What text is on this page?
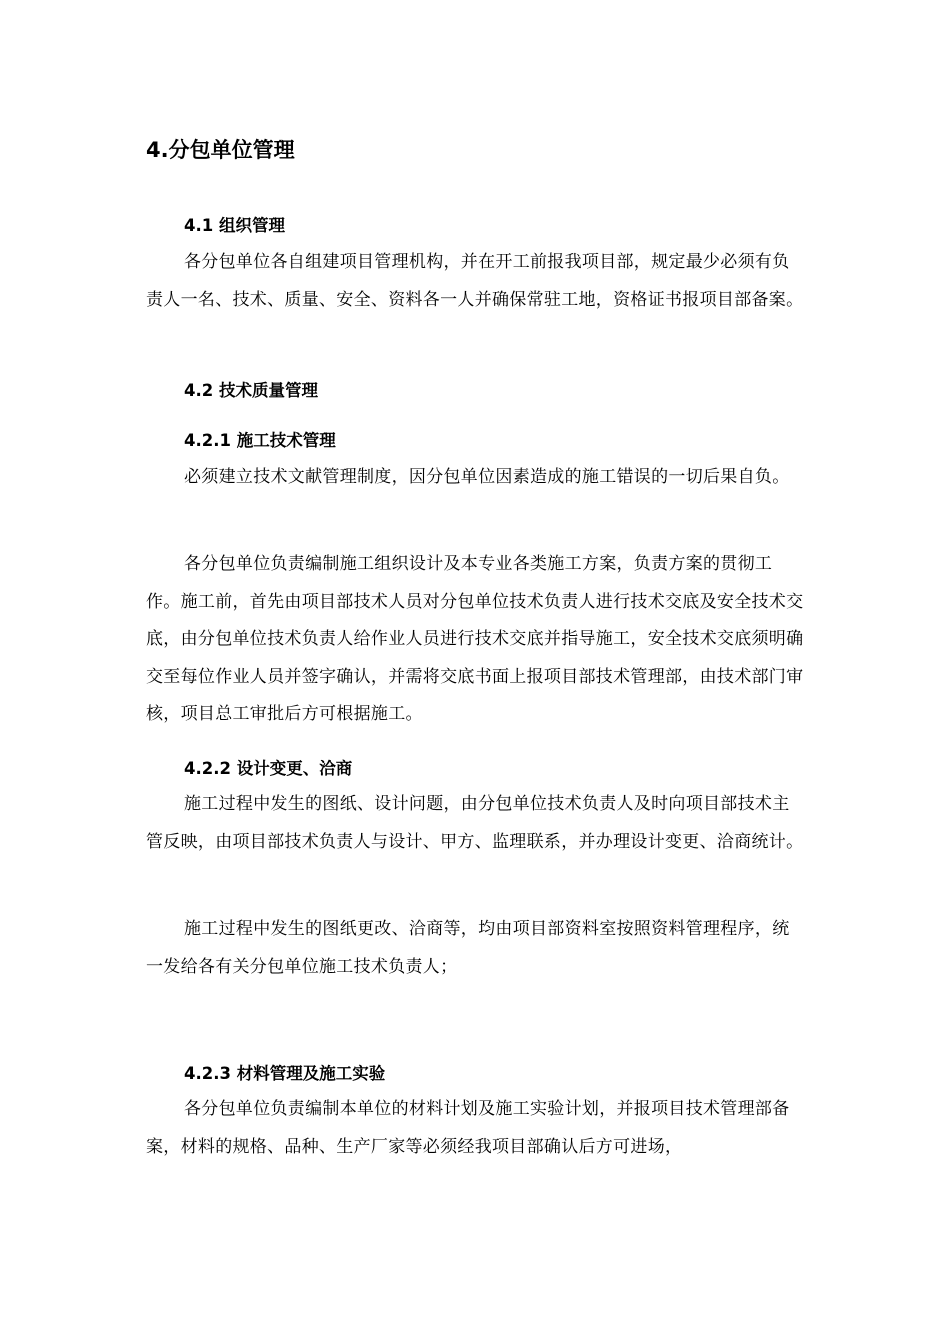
4.分包单位管理
4.1 组织管理
各分包单位各自组建项目管理机构，并在开工前报我项目部，规定最少必须有负责人一名、技术、质量、安全、资料各一人并确保常驻工地，资格证书报项目部备案。
4.2 技术质量管理
4.2.1 施工技术管理
必须建立技术文献管理制度，因分包单位因素造成的施工错误的一切后果自负。
各分包单位负责编制施工组织设计及本专业各类施工方案，负责方案的贯彻工作。施工前，首先由项目部技术人员对分包单位技术负责人进行技术交底及安全技术交底，由分包单位技术负责人给作业人员进行技术交底并指导施工，安全技术交底须明确交至每位作业人员并签字确认，并需将交底书面上报项目部技术管理部，由技术部门审核，项目总工审批后方可根据施工。
4.2.2 设计变更、洽商
施工过程中发生的图纸、设计问题，由分包单位技术负责人及时向项目部技术主管反映，由项目部技术负责人与设计、甲方、监理联系，并办理设计变更、洽商统计。
施工过程中发生的图纸更改、洽商等，均由项目部资料室按照资料管理程序，统一发给各有关分包单位施工技术负责人；
4.2.3 材料管理及施工实验
各分包单位负责编制本单位的材料计划及施工实验计划，并报项目技术管理部备案，材料的规格、品种、生产厂家等必须经我项目部确认后方可进场，
